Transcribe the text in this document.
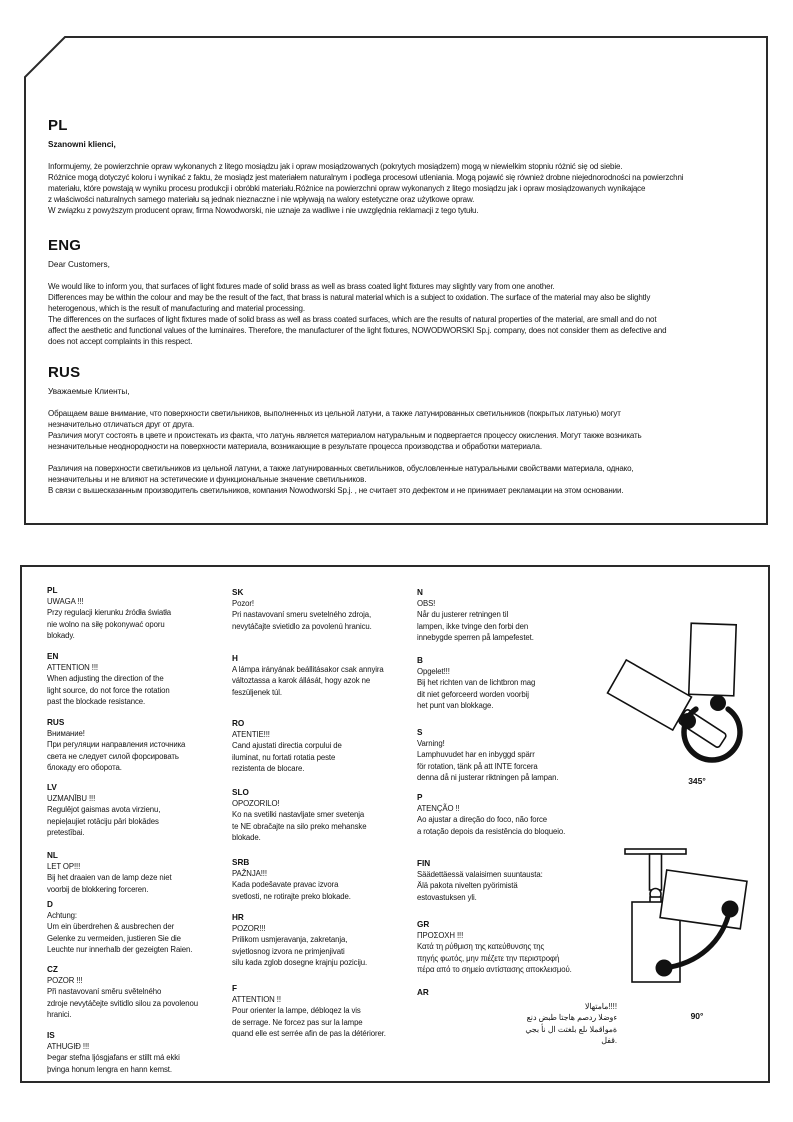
PL
Szanowni klienci,
Informujemy, że powierzchnie opraw wykonanych z litego mosiądzu jak i opraw mosiądzowanych (pokrytych mosiądzem) mogą w niewielkim stopniu różnić się od siebie.
Różnice mogą dotyczyć koloru i wynikać z faktu, że mosiądz jest materiałem naturalnym i podlega procesowi utleniania. Mogą pojawić się również drobne niejednorodności na powierzchni
materiału, które powstają w wyniku procesu produkcji i obróbki materiału.Różnice na powierzchni opraw wykonanych z litego mosiądzu jak i opraw mosiądzowanych wynikające
z właściwości naturalnych samego materiału są jednak nieznaczne i nie wpływają na walory estetyczne oraz użytkowe opraw.
W związku z powyższym producent opraw, firma Nowodworski, nie uznaje za wadliwe i nie uwzględnia reklamacji z tego tytułu.
ENG
Dear Customers,
We would like to inform you, that surfaces of light fixtures made of solid brass as well as brass coated light fixtures may slightly vary from one another.
Differences may be within the colour and may be the result of the fact, that brass is natural material which is a subject to oxidation. The surface of the material may also be slightly
heterogenous, which is the result of manufacturing and material processing.
The differences on the surfaces of light fixtures made of solid brass as well as brass coated surfaces, which are the results of natural properties of the material, are small and do not
affect the aesthetic and functional values of the luminaires. Therefore, the manufacturer of the light fixtures, NOWODWORSKI Sp.j. company, does not consider them as defective and
does not accept complaints in this respect.
RUS
Уважаемые Клиенты,
Обращаем ваше внимание, что поверхности светильников, выполненных из цельной латуни, а также латунированных светильников (покрытых латунью) могут
незначительно отличаться друг от друга.
Различия могут состоять в цвете и проистекать из факта, что латунь является материалом натуральным и подвергается процессу окисления. Могут также возникать
незначительные неоднородности на поверхности материала, возникающие в результате процесса производства и обработки материала.

Различия на поверхности светильников из цельной латуни, а также латунированных светильников, обусловленные натуральными свойствами материала, однако,
незначительны и не влияют на эстетические и функциональные значение светильников.
В связи с вышесказанным производитель светильников, компания Nowodworski Sp.j. , не считает это дефектом и не принимает рекламации на этом основании.
PL
UWAGA !!!
Przy regulacji kierunku źródła światła
nie wolno na siłę pokonywać oporu
blokady.
EN
ATTENTION !!!
When adjusting the direction of the
light source, do not force the rotation
past the blockade resistance.
RUS
Внимание!
При регуляции направления источника
света не следует силой форсировать
блокаду его оборота.
LV
UZMANĪBU !!!
Regulējot gaismas avota virzienu,
nepieļaujiet rotāciju pāri blokādes
pretestībai.
NL
LET OP!!!
Bij het draaien van de lamp deze niet
voorbij de blokkering forceren.
D
Achtung:
Um ein überdrehen & ausbrechen der
Gelenke zu vermeiden, justieren Sie die
Leuchte nur innerhalb der gezeigten Raien.
CZ
POZOR !!!
Při nastavovaní směru světelného
zdroje nevytáčejte svitidlo silou za povolenou
hranici.
IS
ATHUGIÐ !!!
Þegar stefna ljósgjafans er stillt má ekki
þvinga honum lengra en hann kemst.
SK
Pozor!
Pri nastavovaní smeru svetelného zdroja,
nevytáčajte svietidlo za povolenú hranicu.
H
A lámpa irányának beállitásakor csak annyira
változtassa a karok állását, hogy azok ne
feszüljenek túl.
RO
ATENTIE!!!
Cand ajustati directia corpului de
iluminat, nu fortati rotatia peste
rezistenta de blocare.
SLO
OPOZORILO!
Ko na svetilki nastavljate smer svetenja
te NE obračajte na silo preko mehanske
blokade.
SRB
PAŽNJA!!!
Kada podešavate pravac izvora
svetlosti, ne rotirajte preko blokade.
HR
POZOR!!!
Prilikom usmjeravanja, zakretanja,
svjetlosnog izvora ne primjenjivati
silu kada zglob dosegne krajnju poziciju.
F
ATTENTION !!
Pour orienter la lampe, débloqez la vis
de serrage. Ne forcez pas sur la lampe
quand elle est serrée afin de pas la détériorer.
N
OBS!
Når du justerer retningen til
lampen, ikke tvinge den forbi den
innebygde sperren på lampefestet.
B
Opgelet!!!
Bij het richten van de lichtbron mag
dit niet geforceerd worden voorbij
het punt van blokkage.
S
Varning!
Lamphuvudet har en inbyggd spärr
för rotation, tänk på att INTE forcera
denna då ni justerar riktningen på lampan.
P
ATENÇÃO !!
Ao ajustar a direção do foco, não force
a rotação depois da resistência do bloqueio.
FIN
Säädettäessä valaisimen suuntausta:
Älä pakota nivelten pyörimistä
estovastuksen yli.
GR
ΠΡΟΣΟΧΗ !!!
Κατά τη ρύθμιση της κατεύθυνσης της
πηγής φωτός, μην πιέζετε την περιστροφή
πέρα από το σημείο αντίστασης αποκλεισμού.
AR
مامتهالا!!!!
ءوضلا ردصم هاجتا طبض دنع
ةمواقملا ىلع بلغتت ال نأ بجي
قفل.
345°
90°
